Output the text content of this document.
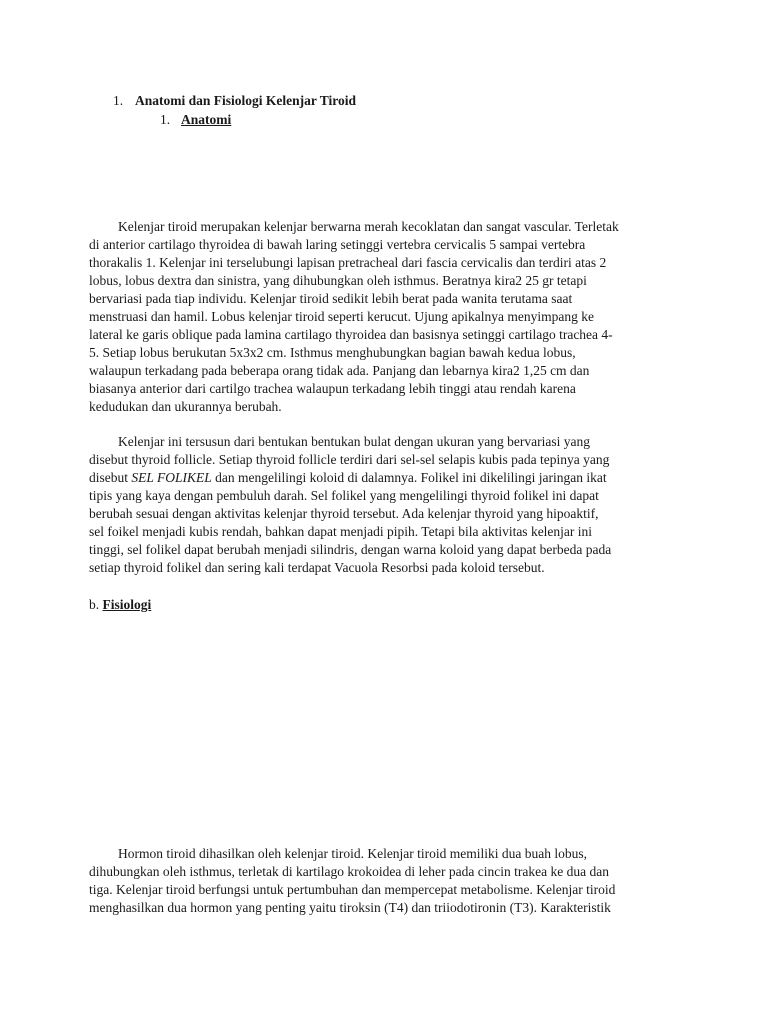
1. Anatomi dan Fisiologi Kelenjar Tiroid
1. Anatomi
Kelenjar tiroid merupakan kelenjar berwarna merah kecoklatan dan sangat vascular. Terletak
di anterior cartilago thyroidea di bawah laring setinggi vertebra cervicalis 5 sampai vertebra
thorakalis 1. Kelenjar ini terselubungi lapisan pretracheal dari fascia cervicalis dan terdiri atas 2
lobus, lobus dextra dan sinistra, yang dihubungkan oleh isthmus. Beratnya kira2 25 gr tetapi
bervariasi pada tiap individu. Kelenjar tiroid sedikit lebih berat pada wanita terutama saat
menstruasi dan hamil. Lobus kelenjar tiroid seperti kerucut. Ujung apikalnya menyimpang ke
lateral ke garis oblique pada lamina cartilago thyroidea dan basisnya setinggi cartilago trachea 4-
5. Setiap lobus berukutan 5x3x2 cm. Isthmus menghubungkan bagian bawah kedua lobus,
walaupun terkadang pada beberapa orang tidak ada. Panjang dan lebarnya kira2 1,25 cm dan
biasanya anterior dari cartilgo trachea walaupun terkadang lebih tinggi atau rendah karena
kedudukan dan ukurannya berubah.
Kelenjar ini tersusun dari bentukan bentukan bulat dengan ukuran yang bervariasi yang
disebut thyroid follicle. Setiap thyroid follicle terdiri dari sel-sel selapis kubis pada tepinya yang
disebut SEL FOLIKEL dan mengelilingi koloid di dalamnya. Folikel ini dikelilingi jaringan ikat
tipis yang kaya dengan pembuluh darah. Sel folikel yang mengelilingi thyroid folikel ini dapat
berubah sesuai dengan aktivitas kelenjar thyroid tersebut. Ada kelenjar thyroid yang hipoaktif,
sel foikel menjadi kubis rendah, bahkan dapat menjadi pipih. Tetapi bila aktivitas kelenjar ini
tinggi, sel folikel dapat berubah menjadi silindris, dengan warna koloid yang dapat berbeda pada
setiap thyroid folikel dan sering kali terdapat Vacuola Resorbsi pada koloid tersebut.
b. Fisiologi
Hormon tiroid dihasilkan oleh kelenjar tiroid. Kelenjar tiroid memiliki dua buah lobus,
dihubungkan oleh isthmus, terletak di kartilago krokoidea di leher pada cincin trakea ke dua dan
tiga. Kelenjar tiroid berfungsi untuk pertumbuhan dan mempercepat metabolisme. Kelenjar tiroid
menghasilkan dua hormon yang penting yaitu tiroksin (T4) dan triiodotironin (T3). Karakteristik
